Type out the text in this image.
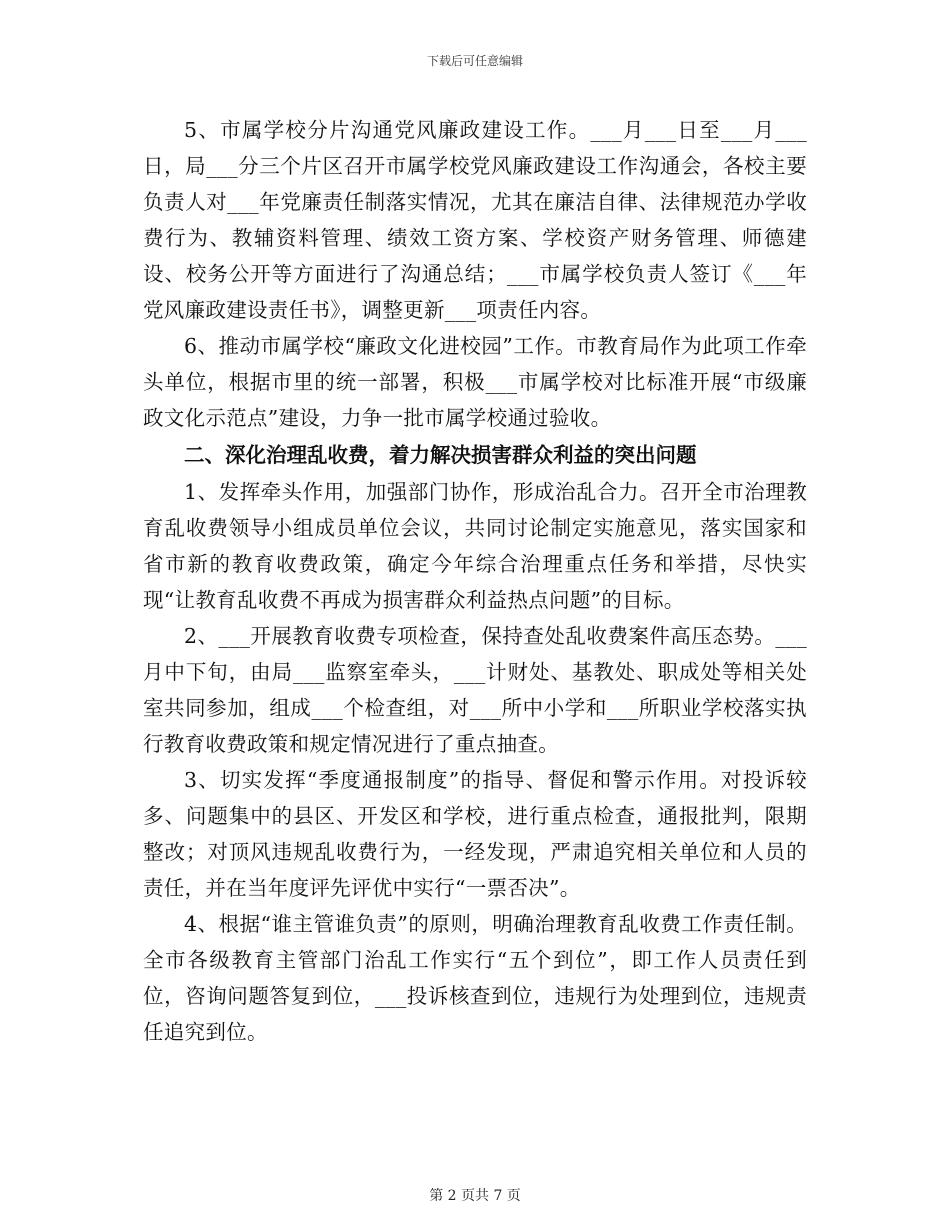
下载后可任意编辑

5、市属学校分片沟通党风廉政建设工作。___月___日至___月___日，局___分三个片区召开市属学校党风廉政建设工作沟通会，各校主要负责人对___年党廉责任制落实情况，尤其在廉洁自律、法律规范办学收费行为、教辅资料管理、绩效工资方案、学校资产财务管理、师德建设、校务公开等方面进行了沟通总结；___市属学校负责人签订《___年党风廉政建设责任书》，调整更新___项责任内容。

6、推动市属学校“廉政文化进校园”工作。市教育局作为此项工作牵头单位，根据市里的统一部署，积极___市属学校对比标准开展“市级廉政文化示范点”建设，力争一批市属学校通过验收。

二、深化治理乱收费，着力解决损害群众利益的突出问题

1、发挥牵头作用，加强部门协作，形成治乱合力。召开全市治理教育乱收费领导小组成员单位会议，共同讨论制定实施意见，落实国家和省市新的教育收费政策，确定今年综合治理重点任务和举措，尽快实现“让教育乱收费不再成为损害群众利益热点问题”的目标。

2、___开展教育收费专项检查，保持查处乱收费案件高压态势。___月中下旬，由局___监察室牵头，___计财处、基教处、职成处等相关处室共同参加，组成___个检查组，对___所中小学和___所职业学校落实执行教育收费政策和规定情况进行了重点抽查。

3、切实发挥“季度通报制度”的指导、督促和警示作用。对投诉较多、问题集中的县区、开发区和学校，进行重点检查，通报批判，限期整改；对顶风违规乱收费行为，一经发现，严肃追究相关单位和人员的责任，并在当年度评先评优中实行“一票否决”。

4、根据“谁主管谁负责”的原则，明确治理教育乱收费工作责任制。全市各级教育主管部门治乱工作实行“五个到位”，即工作人员责任到位，咨询问题答复到位，___投诉核查到位，违规行为处理到位，违规责任追究到位。

第 2 页共 7 页
